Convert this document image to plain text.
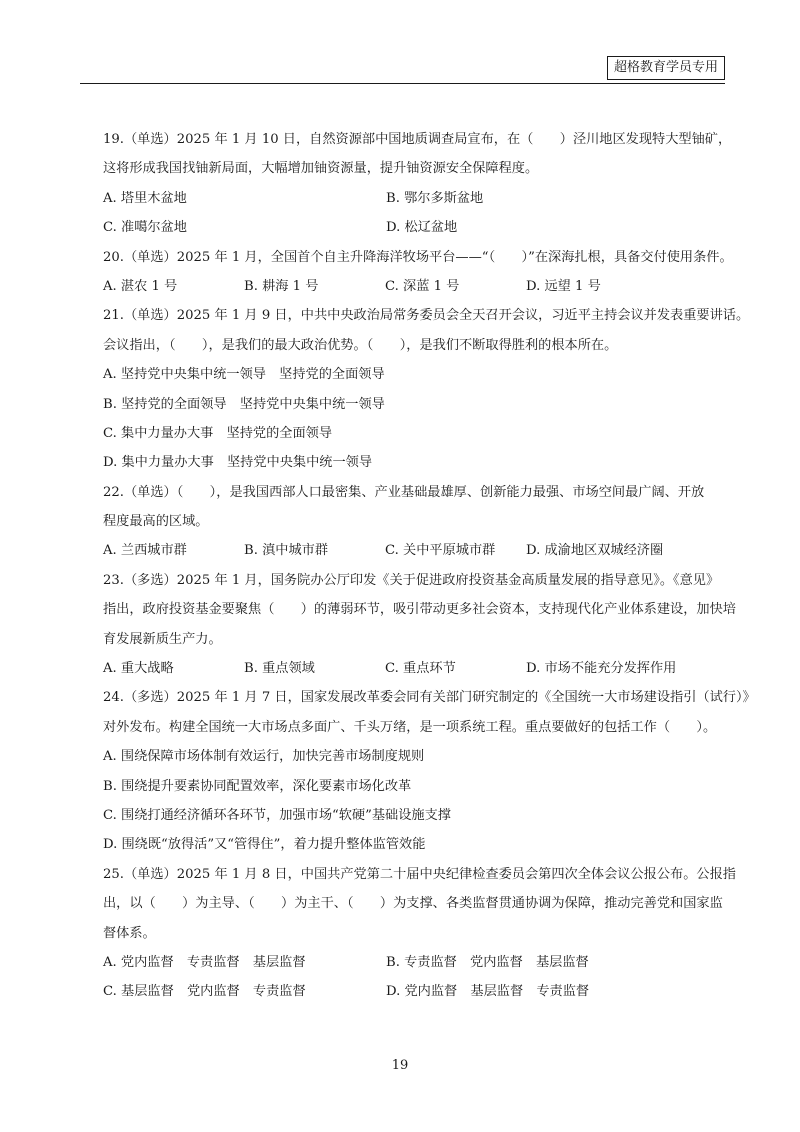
超格教育学员专用
19.（单选）2025 年 1 月 10 日，自然资源部中国地质调查局宣布，在（　　）泾川地区发现特大型铀矿，
这将形成我国找铀新局面，大幅增加铀资源量，提升铀资源安全保障程度。
A. 塔里木盆地	B. 鄂尔多斯盆地
C. 准噶尔盆地	D. 松辽盆地
20.（单选）2025 年 1 月，全国首个自主升降海洋牧场平台——“（　　）”在深海扎根，具备交付使用条件。
A. 湛农 1 号	B. 耕海 1 号	C. 深蓝 1 号	D. 远望 1 号
21.（单选）2025 年 1 月 9 日，中共中央政治局常务委员会全天召开会议，习近平主持会议并发表重要讲话。
会议指出，（　　），是我们的最大政治优势。（　　），是我们不断取得胜利的根本所在。
A. 坚持党中央集中统一领导　坚持党的全面领导
B. 坚持党的全面领导　坚持党中央集中统一领导
C. 集中力量办大事　坚持党的全面领导
D. 集中力量办大事　坚持党中央集中统一领导
22.（单选）（　　），是我国西部人口最密集、产业基础最雄厚、创新能力最强、市场空间最广阔、开放
程度最高的区域。
A. 兰西城市群	B. 滇中城市群	C. 关中平原城市群	D. 成渝地区双城经济圈
23.（多选）2025 年 1 月，国务院办公厅印发《关于促进政府投资基金高质量发展的指导意见》。《意见》
指出，政府投资基金要聚焦（　　）的薄弱环节，吸引带动更多社会资本，支持现代化产业体系建设，加快培
育发展新质生产力。
A. 重大战略	B. 重点领域	C. 重点环节	D. 市场不能充分发挥作用
24.（多选）2025 年 1 月 7 日，国家发展改革委会同有关部门研究制定的《全国统一大市场建设指引（试行）》
对外发布。构建全国统一大市场点多面广、千头万绪，是一项系统工程。重点要做好的包括工作（　　）。
A. 围绕保障市场体制有效运行，加快完善市场制度规则
B. 围绕提升要素协同配置效率，深化要素市场化改革
C. 围绕打通经济循环各环节，加强市场“软硬”基础设施支撑
D. 围绕既“放得活”又“管得住”，着力提升整体监管效能
25.（单选）2025 年 1 月 8 日，中国共产党第二十届中央纪律检查委员会第四次全体会议公报公布。公报指
出，以（　　）为主导、（　　）为主干、（　　）为支撑、各类监督贯通协调为保障，推动完善党和国家监
督体系。
A. 党内监督　专责监督　基层监督	B. 专责监督　党内监督　基层监督
C. 基层监督　党内监督　专责监督	D. 党内监督　基层监督　专责监督
19
